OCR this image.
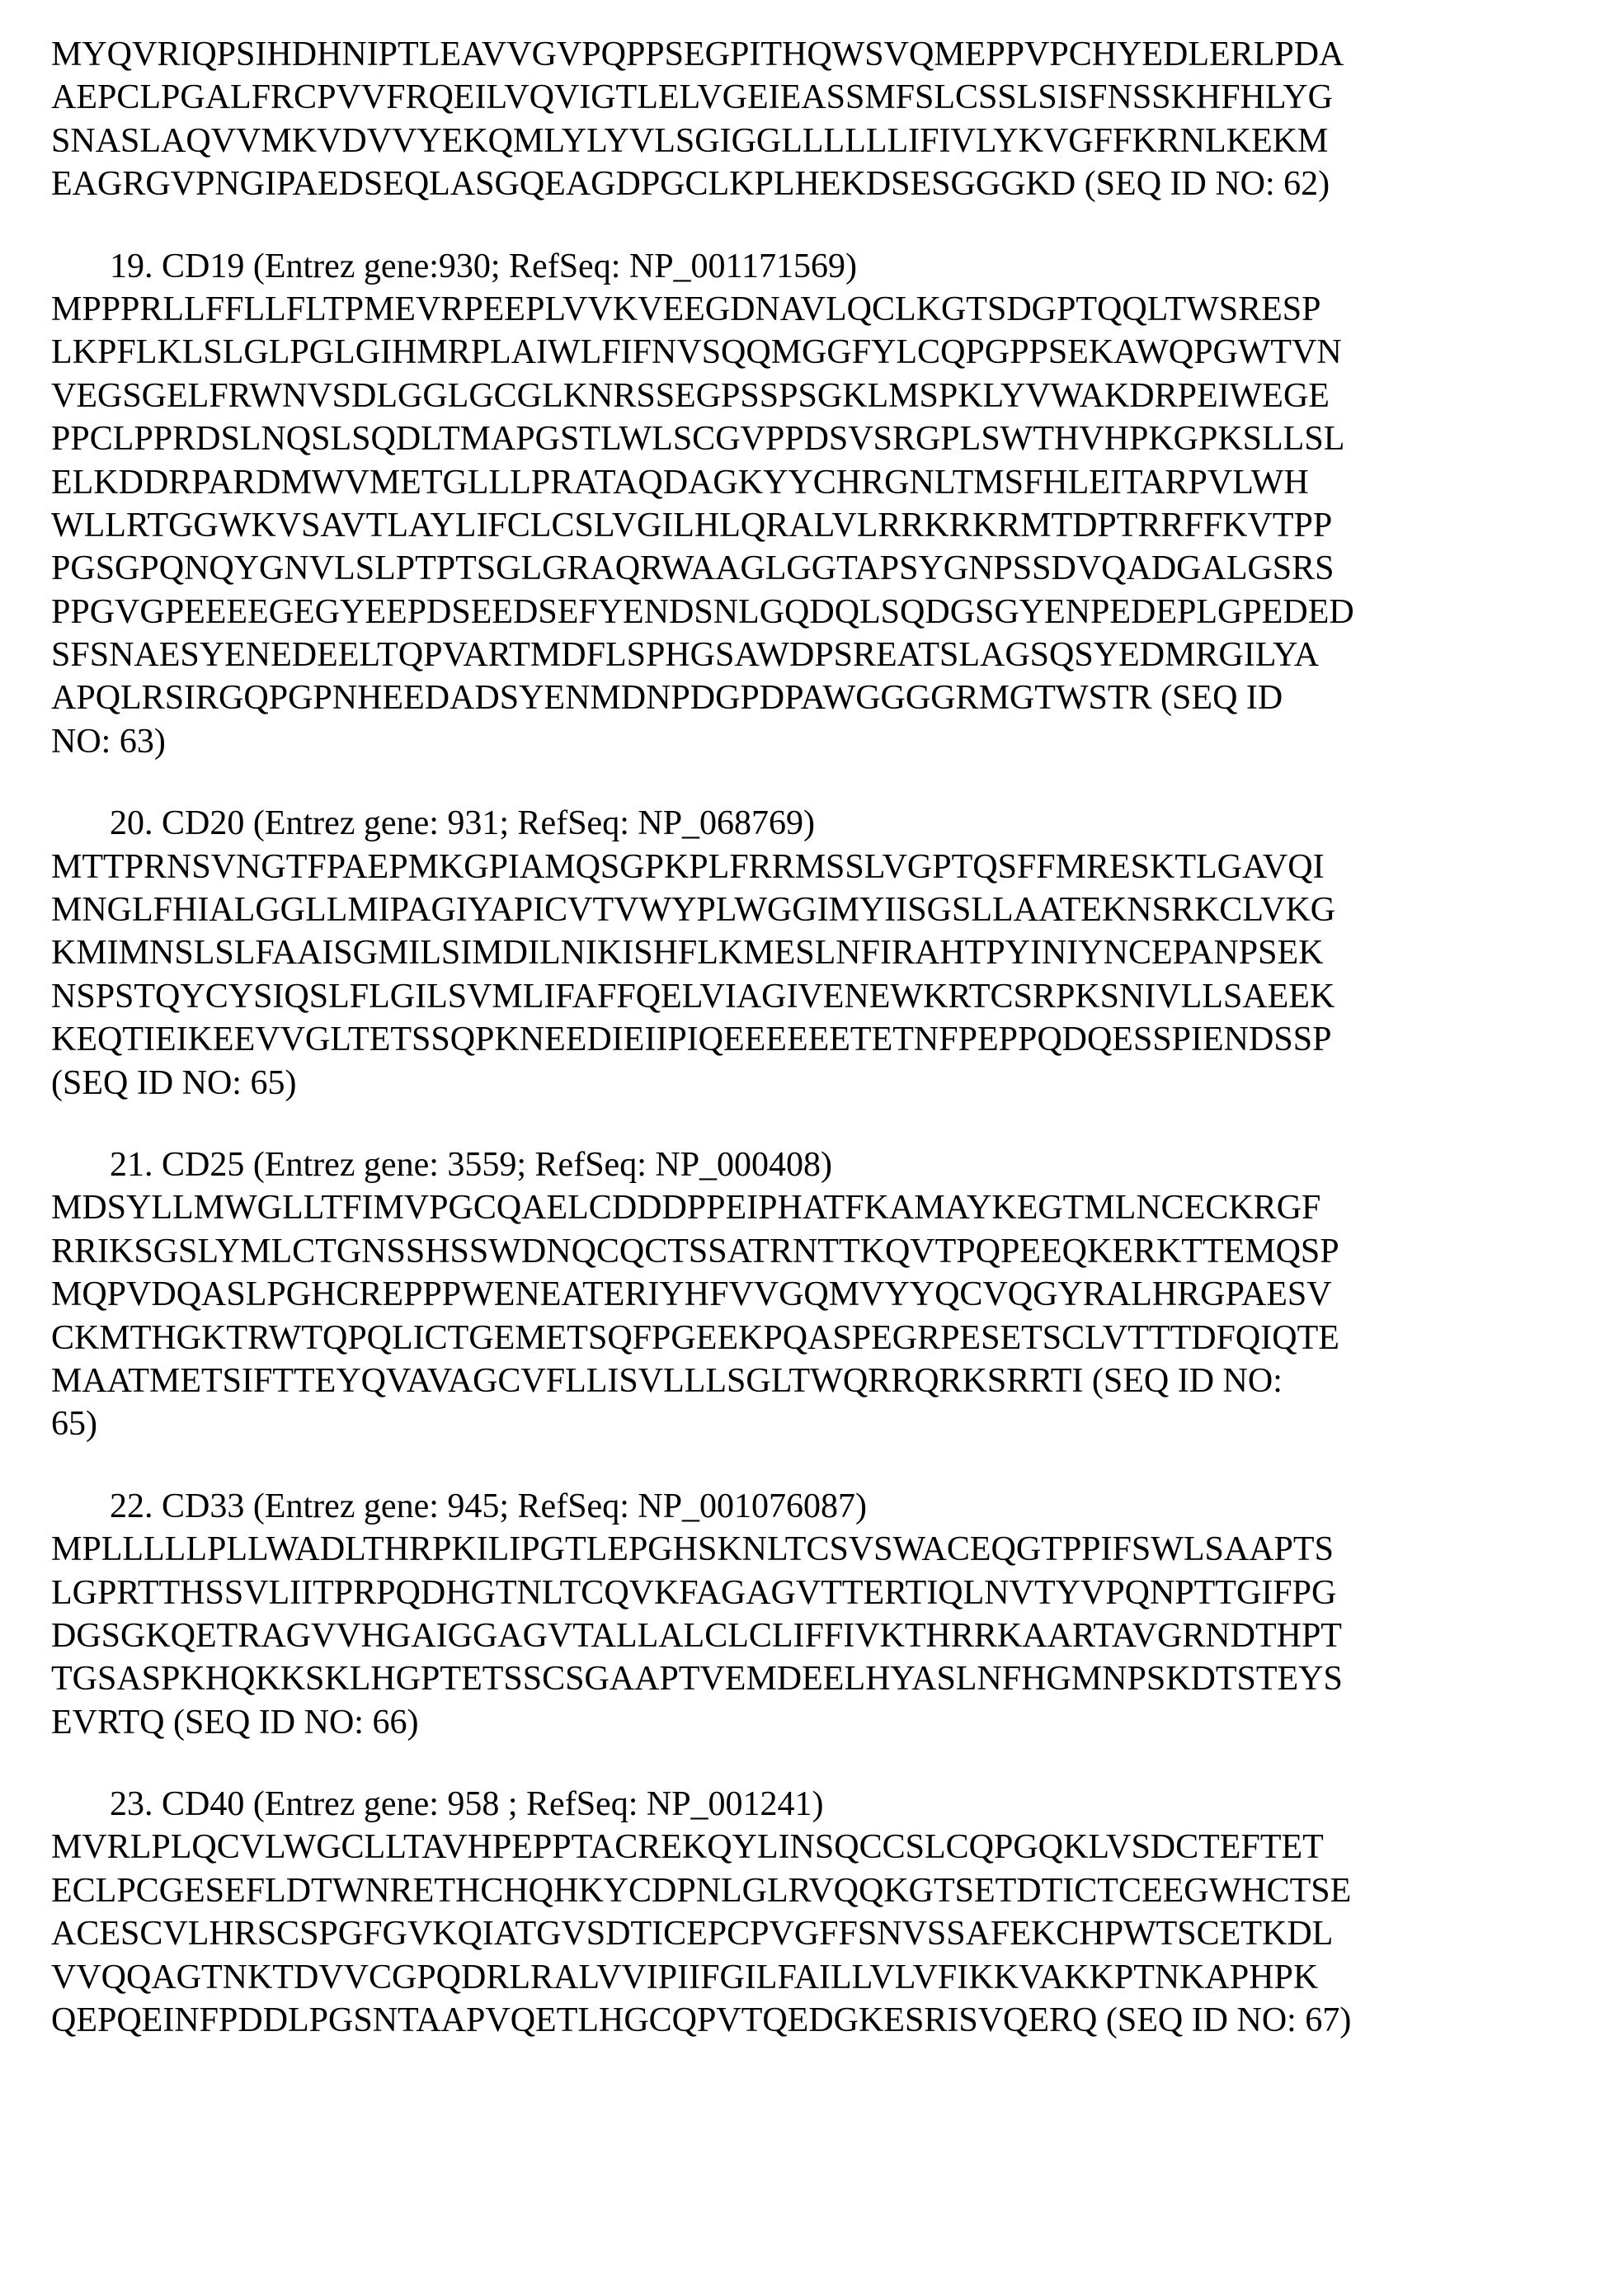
MYQVRIQPSIHDHNIPTLEAVVGVPQPPSEGPITHQWSVQMEPPVPCHYEDLERLPDA
AEPCLPGALFRCPVVFRQEILVQVIGTLELVGEIEASSMFSLCSSLSISFNSSKHFHLYG
SNASLAQVVMKVDVVYEKQMLYLYVLSGIGGLLLLLLIFIVLYKVGFFKRNLKEKM
EAGRGVPNGIPAEDSEQLASGQEAGDPGCLKPLHEKDSESGGGKD (SEQ ID NO: 62)
19. CD19 (Entrez gene:930; RefSeq: NP_001171569)
MPPPRLLFFLLFLTPMEVRPEEPLVVKVEEGDNAVLQCLKGTSDGPTQQLTWSRESP
LKPFLKLSLGLPGLGIHMRPLAIWLFIFNVSQQMGGFYLCQPGPPSEKAWQPGWTVN
VEGSGELFRWNVSDLGGLGCGLKNRSSEGPSSPSGKLMSPKLYVWAKDRPEIWEGE
PPCLPPRDSLNQSLSQDLTMAPGSTLWLSCGVPPDSVSRGPLSWTHVHPKGPKSLLSL
ELKDDRPARDMWVMETGLLLPRATAQDAGKYYCHRGNLTMSFHLEITARPVLWH
WLLRTGGWKVSAVTLAYLIFCLCSLVGILHLQRALVLRRKRKRMTDPTRRFFKVTPP
PGSGPQNQYGNVLSLPTPTSGLGRAQRWAAGLGGTAPSYGNPSSDVQADGALGSRS
PPGVGPEEEEGEGYEEPDSEEDSEFYENDSNLGQDQLSQDGSGYENPEDEPLGPEDED
SFSNAESYENEDEELTQPVARTMDFLSPHGSAWDPSREATSLAGSQSYEDMRGILYA
APQLRSIRGQPGPNHEEDADSYENMDNPDGPDPAWGGGGRMGTWSTR (SEQ ID
NO: 63)
20. CD20 (Entrez gene: 931; RefSeq: NP_068769)
MTTPRNSVNGTFPAEPMKGPIAMQSGPKPLFRRMSSLVGPTQSFFMRESKTLGAVQI
MNGLFHIALGGLLMIPAGIYAPICVTVWYPLWGGIMYIISGSLLAATEKNSRKCLVKG
KMIMNSLSLFAAISGMILSIMDILNIKISHFLKMESLNFIRAHTPYINIYNCEPANPSEK
NSPSTQYCYSIQSLFLGILSVMLIFAFFQELVIAGIVENEWKRTCSRPKSNIVLLSAEEK
KEQTIEIKEEVVGLTETSSQPKNEEDIEIIPIQEEEEEETETNFPEPPQDQESSPIENDSSP
(SEQ ID NO: 65)
21. CD25 (Entrez gene: 3559; RefSeq: NP_000408)
MDSYLLMWGLLTFIMVPGCQAELCDDDPPEIPHATFKAMAYKEGTMLNCECKRGF
RRIKSGSLYMLCTGNSSHSSWDNQCQCTSSATRNTTKQVTPQPEEQKERKTTEMQSP
MQPVDQASLPGHCREPPPWENEATERIYHFVVGQMVYYQCVQGYRALHRGPAESV
CKMTHGKTRWTQPQLICTGEMETSQFPGEEKPQASPEGRPESETSCLVTTTDFQIQTE
MAATMETSIFTTEYQVAVAGCVFLLISVLLLSGLTWQRRQRKSRRTI (SEQ ID NO:
65)
22. CD33 (Entrez gene: 945; RefSeq: NP_001076087)
MPLLLLLPLLWADLTHRPKILIPGTLEPGHSKNLTCSVSWACEQGTPPIFSWLSAAPTS
LGPRTTHSSVLIITPRPQDHGTNLTCQVKFAGAGVTTERTIQLNVTYVPQNPTTGIFPG
DGSGKQETRAGVVHGAIGGAGVTALLALCLCLIFFIVKTHRRKAARTAVGRNDTHPT
TGSASPKHQKKSKLHGPTETSSCSGAAPTVEMDEELHYASLNFHGMNPSKDTSTEYS
EVRTQ (SEQ ID NO: 66)
23. CD40 (Entrez gene: 958 ; RefSeq: NP_001241)
MVRLPLQCVLWGCLLTAVHPEPPTACREKQYLINSQCCSLCQPGQKLVSDCTEFTET
ECLPCGESEFLDTWNRETHCHQHKYCDPNLGLRVQQKGTSETDTICTCEEGWHCTSE
ACESCVLHRSCSPGFGVKQIATGVSDTICEPCPVGFFSNVSSAFEKCHPWTSCETKDL
VVQQAGTNKTDVVCGPQDRLRALVVIPIIFGILFAILLVLVFIKKVAKKPTNKAPHPK
QEPQEINFPDDLPGSNTAAPVQETLHGCQPVTQEDGKESRISVQERQ (SEQ ID NO: 67)
